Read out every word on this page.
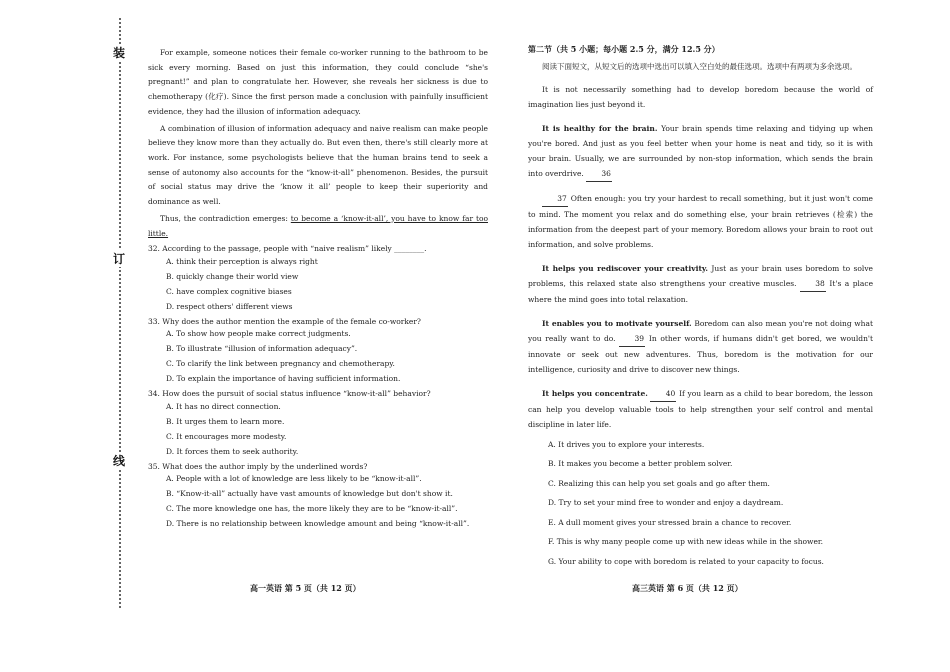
装
订
线

For example, someone notices their female co-worker running to the bathroom to be sick every morning. Based on just this information, they could conclude “she's pregnant!” and plan to congratulate her. However, she reveals her sickness is due to chemotherapy (化疗). Since the first person made a conclusion with painfully insufficient evidence, they had the illusion of information adequacy.

A combination of illusion of information adequacy and naive realism can make people believe they know more than they actually do. But even then, there's still clearly more at work. For instance, some psychologists believe that the human brains tend to seek a sense of autonomy also accounts for the “know-it-all” phenomenon. Besides, the pursuit of social status may drive the ‘know it all’ people to keep their superiority and dominance as well.

Thus, the contradiction emerges: to become a ‘know-it-all’, you have to know far too little.

32. According to the passage, people with “naive realism” likely ________.
A. think their perception is always right
B. quickly change their world view
C. have complex cognitive biases
D. respect others' different views
33. Why does the author mention the example of the female co-worker?
A. To show how people make correct judgments.
B. To illustrate “illusion of information adequacy”.
C. To clarify the link between pregnancy and chemotherapy.
D. To explain the importance of having sufficient information.
34. How does the pursuit of social status influence “know-it-all” behavior?
A. It has no direct connection.
B. It urges them to learn more.
C. It encourages more modesty.
D. It forces them to seek authority.
35. What does the author imply by the underlined words?
A. People with a lot of knowledge are less likely to be “know-it-all”.
B. “Know-it-all” actually have vast amounts of knowledge but don't show it.
C. The more knowledge one has, the more likely they are to be “know-it-all”.
D. There is no relationship between knowledge amount and being “know-it-all”.
高一英语 第 5 页（共 12 页）
第二节（共 5 小题；每小题 2.5 分，满分 12.5 分）

阅读下面短文，从短文后的选项中选出可以填入空白处的最佳选项。选项中有两项为多余选项。

It is not necessarily something had to develop boredom because the world of imagination lies just beyond it.

It is healthy for the brain. Your brain spends time relaxing and tidying up when you're bored. And just as you feel better when your home is neat and tidy, so it is with your brain. Usually, we are surrounded by non-stop information, which sends the brain into overdrive. 36

37 Often enough: you try your hardest to recall something, but it just won't come to mind. The moment you relax and do something else, your brain retrieves (检索) the information from the deepest part of your memory. Boredom allows your brain to root out information, and solve problems.

It helps you rediscover your creativity. Just as your brain uses boredom to solve problems, this relaxed state also strengthens your creative muscles. 38 It's a place where the mind goes into total relaxation.

It enables you to motivate yourself. Boredom can also mean you're not doing what you really want to do. 39 In other words, if humans didn't get bored, we wouldn't innovate or seek out new adventures. Thus, boredom is the motivation for our intelligence, curiosity and drive to discover new things.

It helps you concentrate. 40 If you learn as a child to bear boredom, the lesson can help you develop valuable tools to help strengthen your self control and mental discipline in later life.

A. It drives you to explore your interests.
B. It makes you become a better problem solver.
C. Realizing this can help you set goals and go after them.
D. Try to set your mind free to wonder and enjoy a daydream.
E. A dull moment gives your stressed brain a chance to recover.
F. This is why many people come up with new ideas while in the shower.
G. Your ability to cope with boredom is related to your capacity to focus.
高三英语 第 6 页（共 12 页）
